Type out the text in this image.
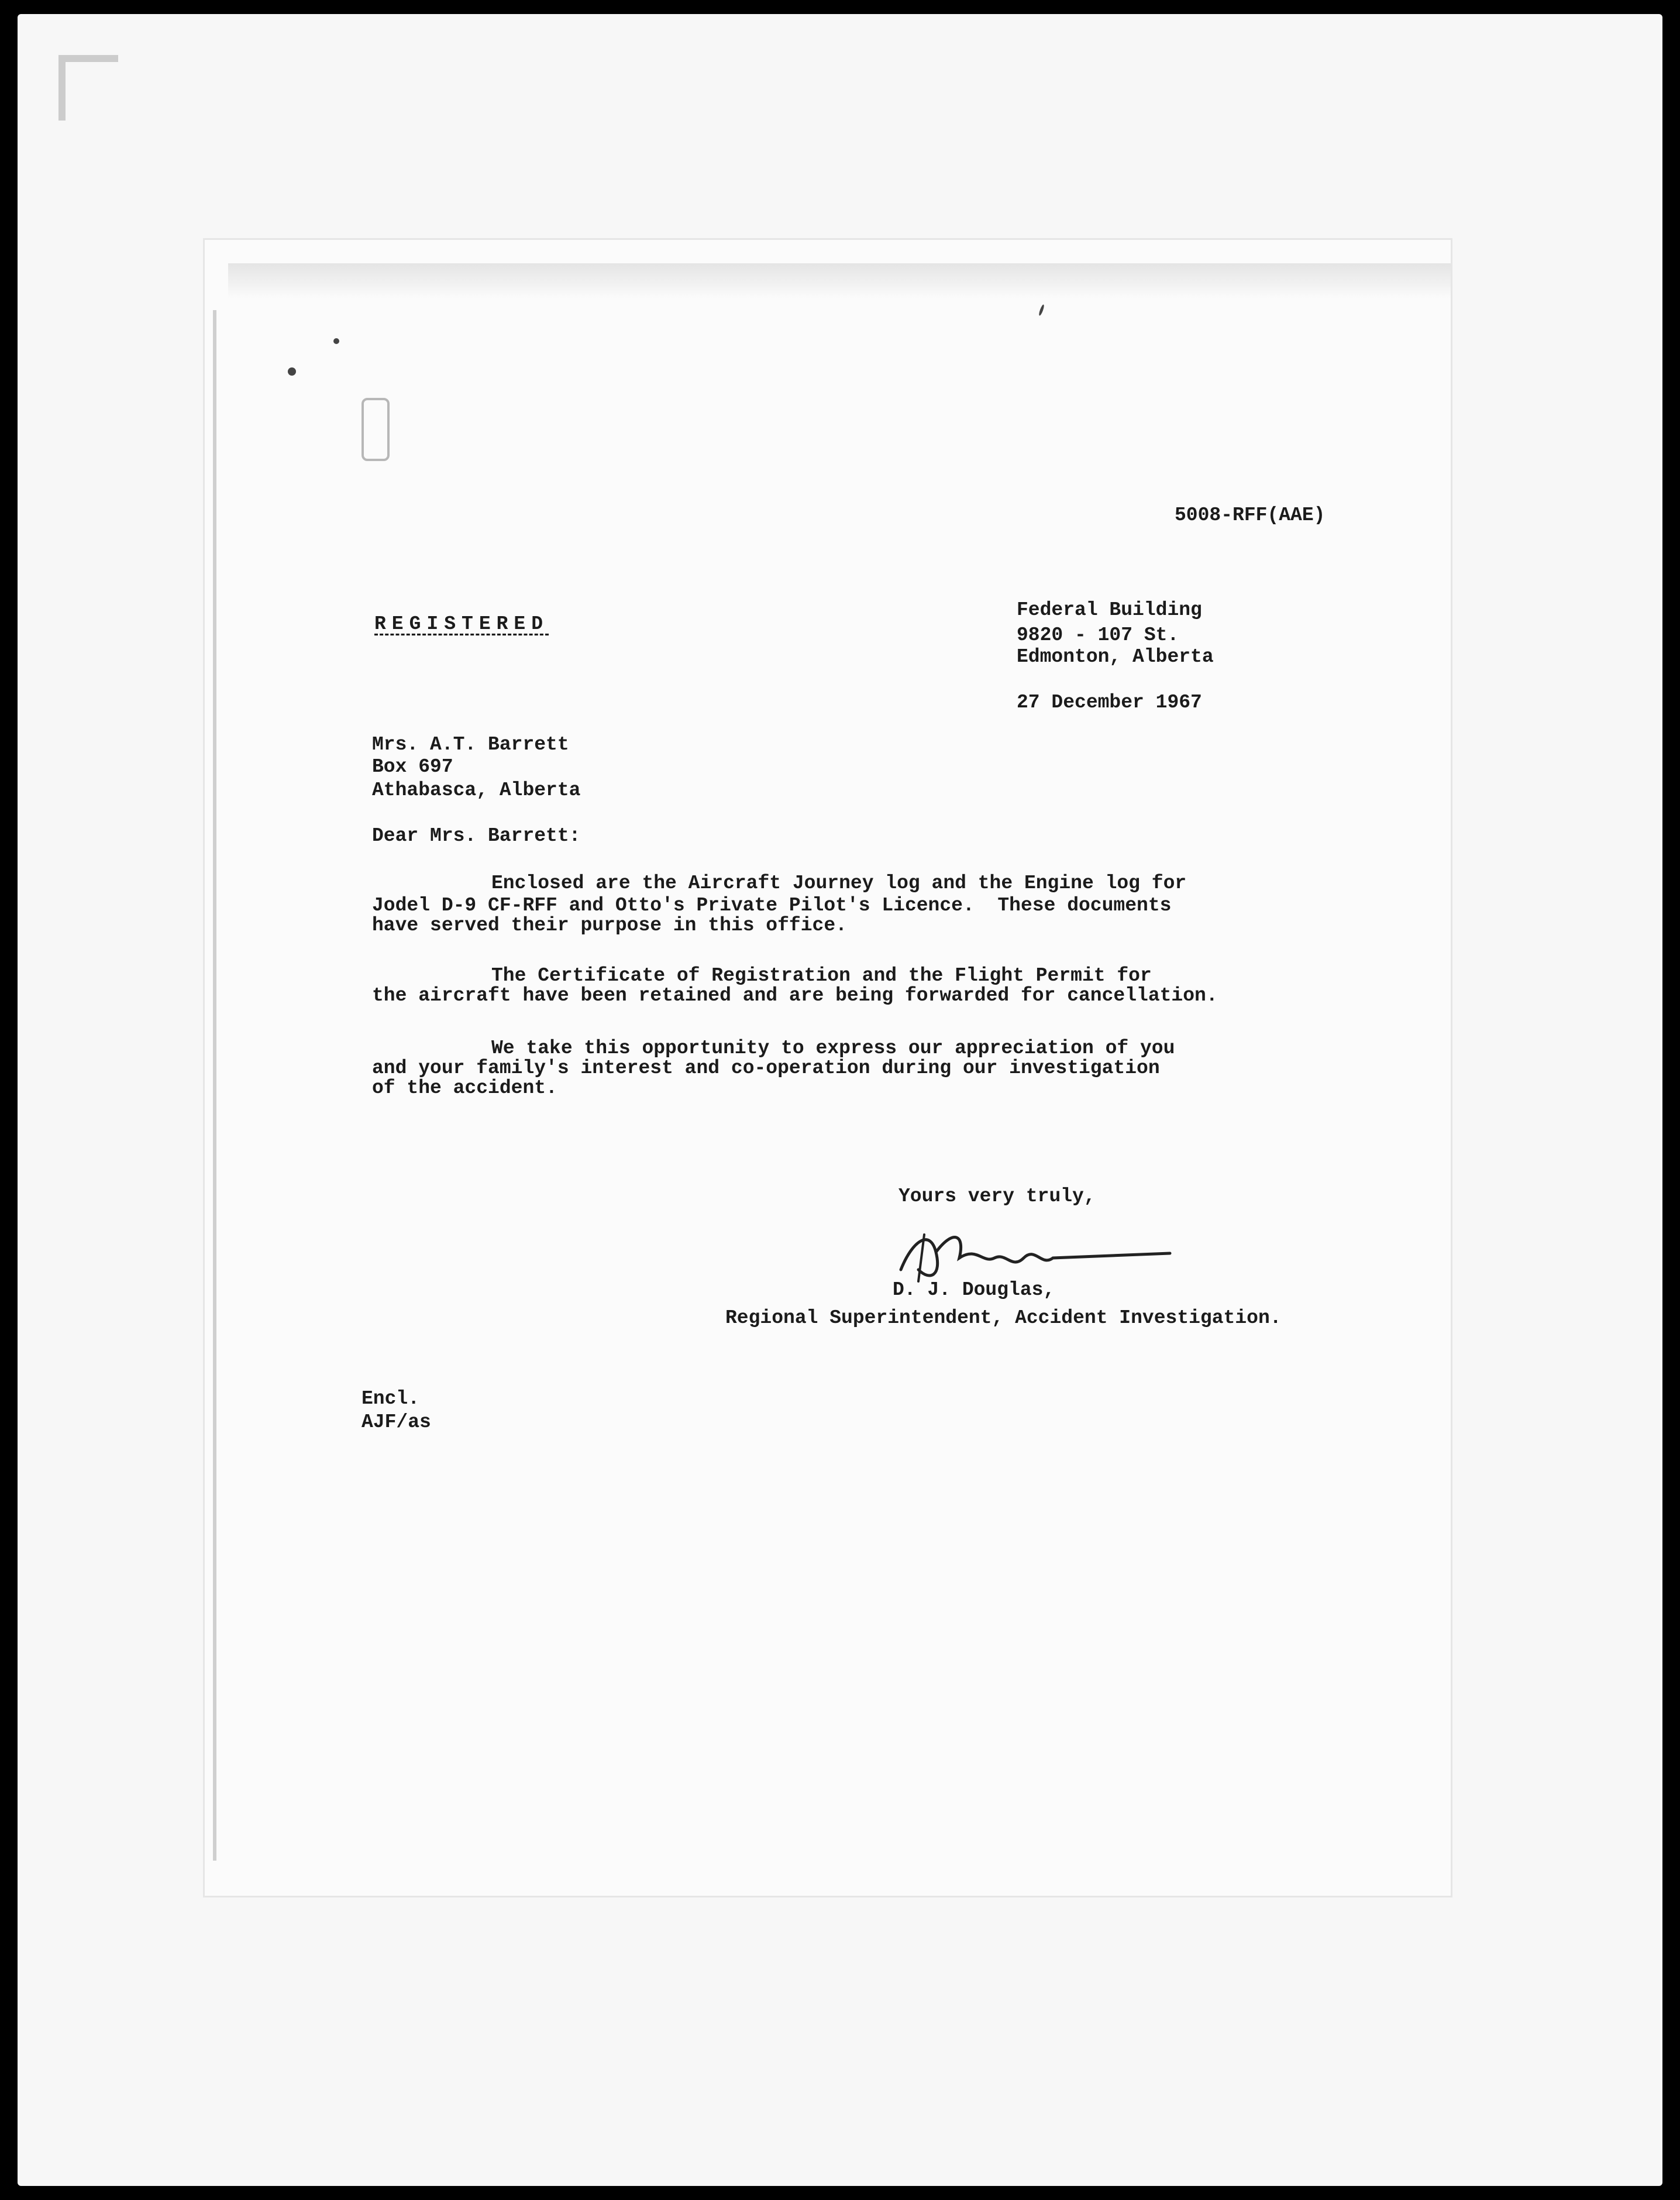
5008-RFF(AAE)

REGISTERED

Federal Building

9820 - 107 St.

Edmonton, Alberta

27 December 1967

Mrs. A.T. Barrett

Box 697

Athabasca, Alberta

Dear Mrs. Barrett:

Enclosed are the Aircraft Journey log and the Engine log for

Jodel D-9 CF-RFF and Otto's Private Pilot's Licence.  These documents

have served their purpose in this office.

The Certificate of Registration and the Flight Permit for

the aircraft have been retained and are being forwarded for cancellation.

We take this opportunity to express our appreciation of you

and your family's interest and co-operation during our investigation

of the accident.

Yours very truly,

D. J. Douglas,

Regional Superintendent, Accident Investigation.

Encl.

AJF/as
